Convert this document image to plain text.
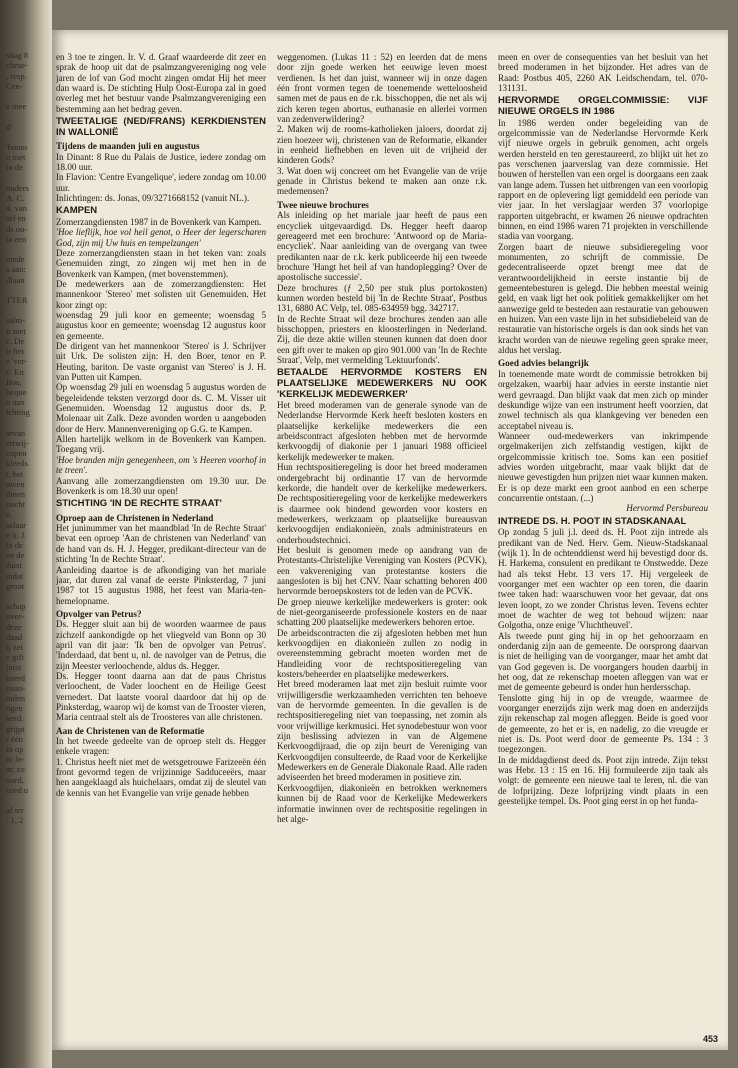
sdag 8
chese-
, resp.
Cen-

e mee

d'

'boom
n met
in de

nuders
A. C.
4. van
sel en
ds ou-
ia een

mede
s aan:
dlaan

TTER

salm-
it met
t'. De
ir het
e 'ver-
t'. En
Bos,
heque
n aan
ichting

arvan
ertwij-
copen
kleeds
t. het
uwen
dmen
nocht
e.
selaar
e ir. J.
in de
en de
Juist
mdat
groot

schap
over-
deze
daad
ij zei
e gift
juist
keerd
ezon-
mden
ngen
kerd.
grijpt
r één
in op
m Je-
ar, zo
oord,
ceed u

af ter
: 1, 2

en 3 toe te zingen. Ir. V. d. Graaf waardeerde dit zeer en sprak de hoop uit dat de psalmzangvereniging nog vele jaren de lof van God mocht zingen omdat Hij het meer dan waard is. De stichting Hulp Oost-Europa zal in goed overleg met het bestuur vande Psalmzangvereniging een bestemming aan het bedrag geven.

TWEETALIGE (NED/FRANS) KERKDIENSTEN IN WALLONIË
Tijdens de maanden juli en augustus

In Dinant: 8 Rue du Palais de Justice, iedere zondag om 18.00 uur.

In Flavion: 'Centre Evangelique', iedere zondag om 10.00 uur.

Inlichtingen: ds. Jonas, 09/3271668152 (vanuit NL.).

KAMPEN

Zomerzangdiensten 1987 in de Bovenkerk van Kampen.

'Hoe lieflijk, hoe vol heil genot, o Heer der legerscharen God, zijn mij Uw huis en tempelzangen'

Deze zomerzangdiensten staan in het teken van: zoals Genemuiden zingt, zo zingen wij met hen in de Bovenkerk van Kampen, (met bovenstemmen).

De medewerkers aan de zomerzangdiensten: Het mannenkoor 'Stereo' met solisten uit Genemuiden. Het koor zingt op:

woensdag 29 juli koor en gemeente; woensdag 5 augustus koor en gemeente; woensdag 12 augustus koor en gemeente.

De dirigent van het mannenkoor 'Stereo' is J. Schrijver uit Urk. De solisten zijn: H. den Boer, tenor en P. Heuting, bariton. De vaste organist van 'Stereo' is J. H. van Putten uit Kampen.

Op woensdag 29 juli en woensdag 5 augustus worden de begeleidende teksten verzorgd door ds. C. M. Visser uit Genemuiden. Woensdag 12 augustus door ds. P. Molenaar uit Zalk. Deze avonden worden u aangeboden door de Herv. Mannenvereniging op G.G. te Kampen.

Allen hartelijk welkom in de Bovenkerk van Kampen. Toegang vrij.

'Hoe branden mijn genegenheen, om 's Heeren voorhof in te treen'.

Aanvang alle zomerzangdiensten om 19.30 uur. De Bovenkerk is om 18.30 uur open!

STICHTING 'IN DE RECHTE STRAAT'
Oproep aan de Christenen in Nederland

Het juninummer van het maandblad 'In de Rechte Straat' bevat een oproep 'Aan de christenen van Nederland' van de hand van ds. H. J. Hegger, predikant-directeur van de stichting 'In de Rechte Straat'.

Aanleiding daartoe is de afkondiging van het mariale jaar, dat duren zal vanaf de eerste Pinksterdag, 7 juni 1987 tot 15 augustus 1988, het feest van Maria-ten-hemelopname.

Opvolger van Petrus?

Ds. Hegger sluit aan bij de woorden waarmee de paus zichzelf aankondigde op het vliegveld van Bonn op 30 april van dit jaar: 'Ik ben de opvolger van Petrus'. 'Inderdaad, dat bent u, nl. de navolger van de Petrus, die zijn Meester verloochende, aldus ds. Hegger.

Ds. Hegger toont daarna aan dat de paus Christus verloochent, de Vader loochent en de Heilige Geest vernedert. Dat laatste vooral daardoor dat hij op de Pinksterdag, waarop wij de komst van de Trooster vieren, Maria centraal stelt als de Troosteres van alle christenen.

Aan de Christenen van de Reformatie

In het tweede gedeelte van de oproep stelt ds. Hegger enkele vragen:

1. Christus heeft niet met de wetsgetrouwe Farizeeën één front gevormd tegen de vrijzinnige Sadduceeërs, maar hen aangeklaagd als huichelaars, omdat zij de sleutel van de kennis van het Evangelie van vrije genade hebben

weggenomen. (Lukas 11 : 52) en leerden dat de mens door zijn goede werken het eeuwige leven moest verdienen. Is het dan juist, wanneer wij in onze dagen één front vormen tegen de toenemende wetteloosheid samen met de paus en de r.k. bisschoppen, die net als wij zich keren tegen abortus, euthanasie en allerlei vormen van zedenverwildering?

2. Maken wij de rooms-katholieken jaloers, doordat zij zien hoezeer wij, christenen van de Reformatie, elkander in eenheid liefhebben en leven uit de vrijheid der kinderen Gods?

3. Wat doen wij concreet om het Evangelie van de vrije genade in Christus bekend te maken aan onze r.k. medemensen?

Twee nieuwe brochures

Als inleiding op het mariale jaar heeft de paus een encycliek uitgevaardigd. Ds. Hegger heeft daarop gereageerd met een brochure: 'Antwoord op de Maria-encycliek'. Naar aanleiding van de overgang van twee predikanten naar de r.k. kerk publiceerde hij een tweede brochure 'Hangt het heil af van handoplegging? Over de apostolische successie'.

Deze brochures (ƒ 2,50 per stuk plus portokosten) kunnen worden besteld bij 'In de Rechte Straat', Postbus 131, 6880 AC Velp, tel. 085-634959 bgg. 342717.

In de Rechte Straat wil deze brochures zenden aan alle bisschoppen, priesters en kloosterlingen in Nederland. Zij, die deze aktie willen steunen kunnen dat doen door een gift over te maken op giro 901.000 van 'In de Rechte Straat', Velp, met vermelding 'Lektuurfonds'.

BETAALDE HERVORMDE KOSTERS EN PLAATSELIJKE MEDEWERKERS NU OOK 'KERKELIJK MEDEWERKER'

Het breed moderamen van de generale synode van de Nederlandse Hervormde Kerk heeft besloten kosters en plaatselijke kerkelijke medewerkers die een arbeidscontract afgesloten hebben met de hervormde kerkvoogdij of diakonie per 1 januari 1988 officieel kerkelijk medewerker te maken.

Hun rechtspositieregeling is door het breed moderamen ondergebracht bij ordinantie 17 van de hervormde kerkorde, die handelt over de kerkelijke medewerkers. De rechtspositieregeling voor de kerkelijke medewerkers is daarmee ook bindend geworden voor kosters en medewerkers, werkzaam op plaatselijke bureausvan kerkvoogdijen endiakonieën, zoals administrateurs en onderhoudstechnici.

Het besluit is genomen mede op aandrang van de Protestants-Christelijke Vereniging van Kosters (PCVK), een vakvereniging van protestantse kosters die aangesloten is bij het CNV. Naar schatting behoren 400 hervormde beroepskosters tot de leden van de PCVK.

De groep nieuwe kerkelijke medewerkers is groter: ook de niet-georganiseerde professionele kosters en de naar schatting 200 plaatselijke medewerkers behoren ertoe.

De arbeidscontracten die zij afgesloten hebben met hun kerkvoogdijen en diakonieën zullen zo nodig in overeenstemming gebracht moeten worden met de Handleiding voor de rechtspositieregeling van kosters/beheerder en plaatselijke medewerkers.

Het breed moderamen laat met zijn besluit ruimte voor vrijwilligersdie werkzaamheden verrichten ten behoeve van de hervormde gemeenten. In die gevallen is de rechtspositieregeling niet van toepassing, net zomin als voor vrijwillige kerkmusici. Het synodebestuur won voor zijn beslissing adviezen in van de Algemene Kerkvoogdijraad, die op zijn beurt de Vereniging van Kerkvoogdijen consulteerde, de Raad voor de Kerkelijke Medewerkers en de Generale Diakonale Raad. Alle raden adviseerden het breed moderamen in positieve zin.

Kerkvoogdijen, diakonieën en betrokken werknemers kunnen bij de Raad voor de Kerkelijke Medewerkers informatie inwinnen over de rechtspositie regelingen in het alge-

meen en over de consequenties van het besluit van het breed moderamen in het bijzonder. Het adres van de Raad: Postbus 405, 2260 AK Leidschendam, tel. 070-131131.

HERVORMDE ORGELCOMMISSIE: VIJF NIEUWE ORGELS IN 1986

In 1986 werden onder begeleiding van de orgelcommissie van de Nederlandse Hervormde Kerk vijf nieuwe orgels in gebruik genomen, acht orgels werden hersteld en ten gerestaureerd, zo blijkt uit het zo pas verschenen jaarverslag van deze commissie. Het bouwen of herstellen van een orgel is doorgaans een zaak van lange adem. Tussen het uitbrengen van een voorlopig rapport en de oplevering ligt gemiddeld een periode van vier jaar. In het verslagjaar werden 37 voorlopige rapporten uitgebracht, er kwamen 26 nieuwe opdrachten binnen, en eind 1986 waren 71 projekten in verschillende stadia van voorgang.

Zorgen baart de nieuwe subsidieregeling voor monumenten, zo schrijft de commissie. De gedecentraliseerde opzet brengt mee dat de verantwoordelijkheid in eerste instantie bij de gemeentebesturen is gelegd. Die hebben meestal weinig geld, en vaak ligt het ook politiek gemakkelijker om het aanwezige geld te besteden aan restauratie van gebouwen en huizen. Van een vaste lijn in het subsidiebeleid van de restauratie van historische orgels is dan ook sinds het van kracht worden van de nieuwe regeling geen sprake meer, aldus het verslag.

Goed advies belangrijk

In toenemende mate wordt de commissie betrokken bij orgelzaken, waarbij haar advies in eerste instantie niet werd gevraagd. Dan blijkt vaak dat men zich op minder deskundige wijze van een instrument heeft voorzien, dat zowel technisch als qua klankgeving ver beneden een acceptabel niveau is.

Wanneer oud-medewerkers van inkrimpende orgelmakerijen zich zelfstandig vestigen, kijkt de orgelcommissie kritisch toe. Soms kan een positief advies worden uitgebracht, maar vaak blijkt dat de nieuwe gevestigden hun prijzen niet waar kunnen maken. Er is op deze markt een groot aanbod en een scherpe concurrentie ontstaan. (...)

Hervormd Persbureau

INTREDE DS. H. POOT IN STADSKANAAL

Op zondag 5 juli j.l. deed ds. H. Poot zijn intrede als predikant van de Ned. Herv. Gem. Nieuw-Stadskanaal (wijk 1). In de ochtenddienst werd hij bevestigd door ds. H. Harkema, consulent en predikant te Onstwedde. Deze had als tekst Hebr. 13 vers 17. Hij vergeleek de voorganger met een wachter op een toren, die daarin twee taken had: waarschuwen voor het gevaar, dat ons leven loopt, zo we zonder Christus leven. Tevens echter moet de wachter de weg tot behoud wijzen: naar Golgotha, onze enige 'Vluchtheuvel'.

Als tweede punt ging hij in op het gehoorzaam en onderdanig zijn aan de gemeente. De oorsprong daarvan is niet de heiliging van de voorganger, maar het ambt dat van God gegeven is. De voorgangers houden daarbij in het oog, dat ze rekenschap moeten afleggen van wat er met de gemeente gebeurd is onder hun herdersschap.

Tenslotte ging hij in op de vreugde, waarmee de voorganger enerzijds zijn werk mag doen en anderzijds zijn rekenschap zal mogen afleggen. Beide is goed voor de gemeente, zo het er is, en nadelig, zo die vreugde er niet is. Ds. Poot werd door de gemeente Ps. 134 : 3 toegezongen.

In de middagdienst deed ds. Poot zijn intrede. Zijn tekst was Hebr. 13 : 15 en 16. Hij formuleerde zijn taak als volgt: de gemeente een nieuwe taal te leren, nl. die van de lofprijzing. Deze lofprijzing vindt plaats in een geestelijke tempel. Ds. Poot ging eerst in op het funda-

453
